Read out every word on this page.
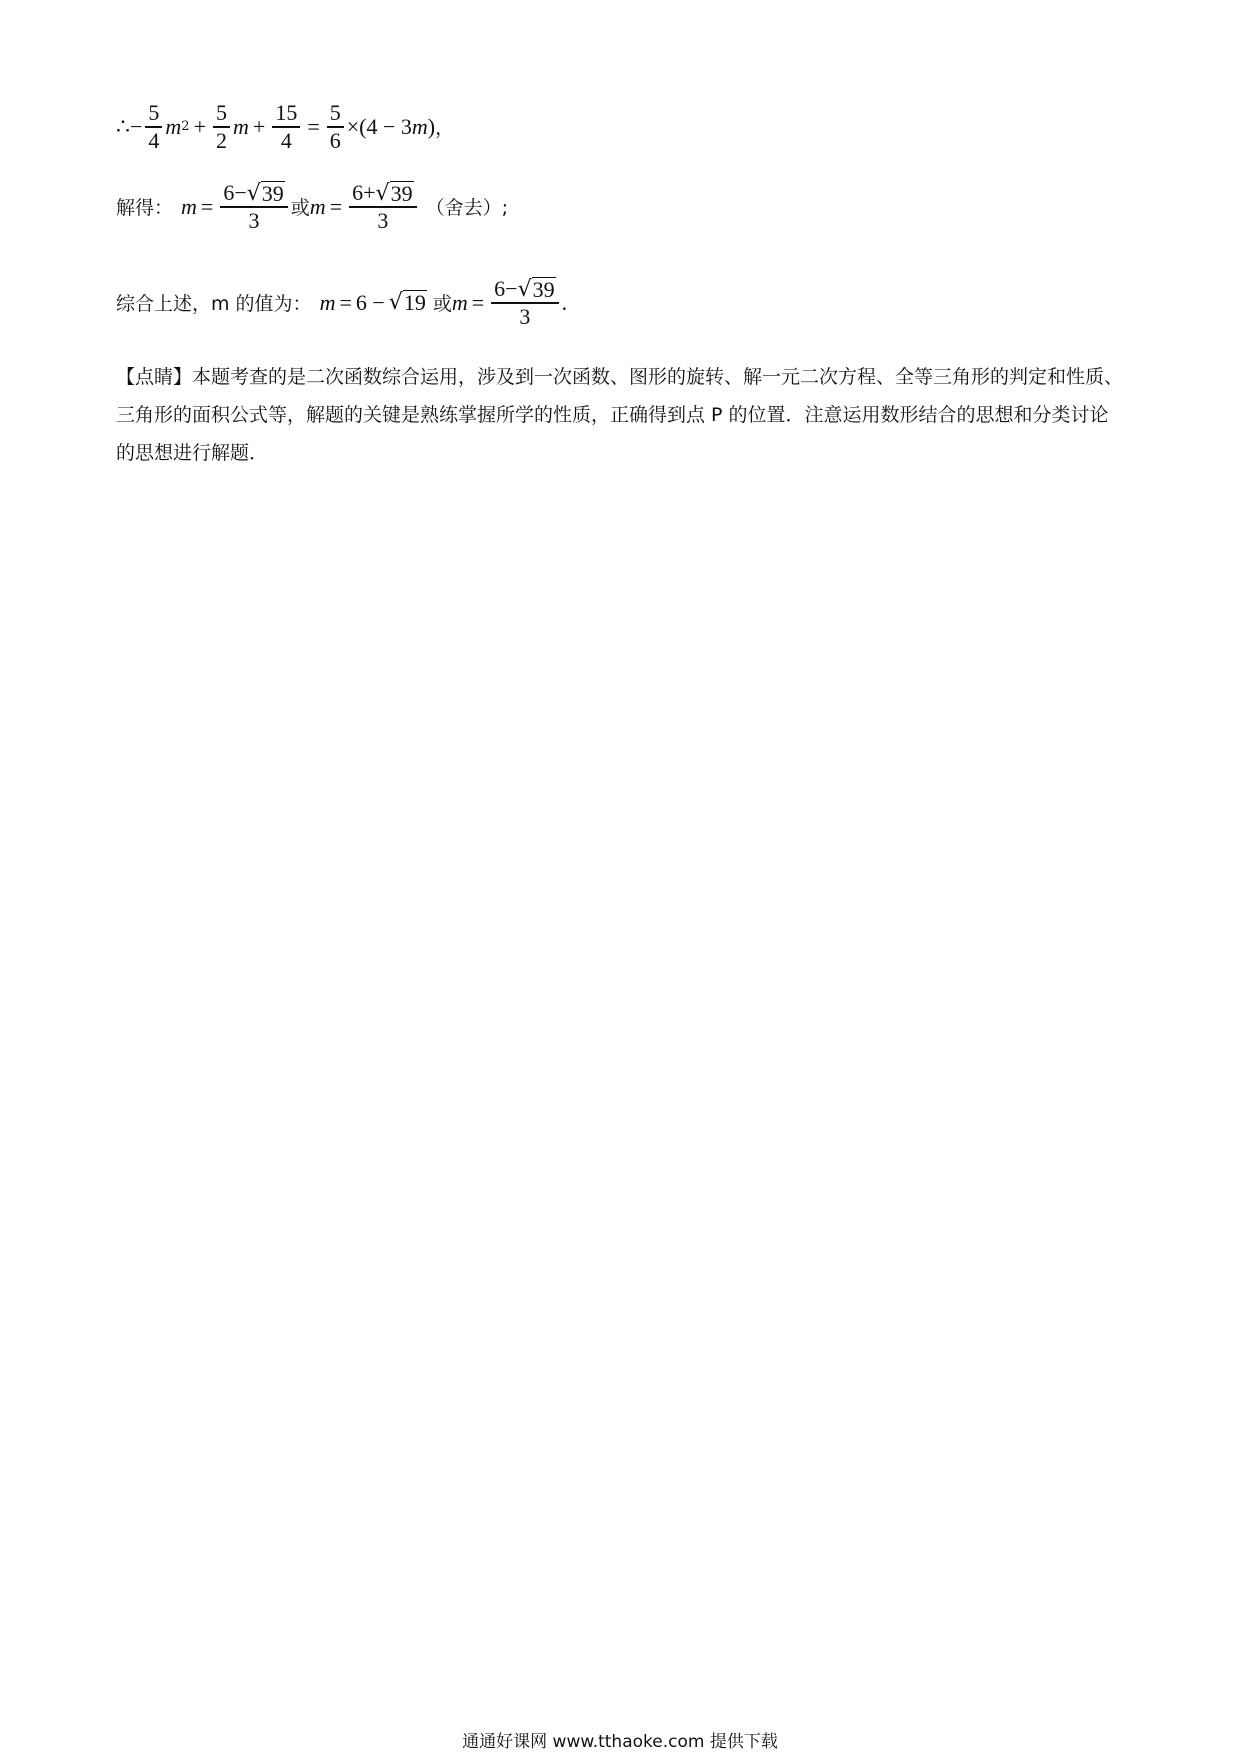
∴− $\frac{5}{4}$ m $2 + \frac{5}{2}$ $m + \frac{15}{4} = \frac{5}{6} \times(4 - 3$ m ) ，
解得： $m = \frac{6- √ 39}{3}$ 或 $m = \frac{6+ √ 39}{3}$ （舍去）;
综合上述，m 的值为： m = 6 − √ 19 或 $m = \frac{6- √ 39}{3}$ .
【点睛】本题考查的是二次函数综合运用，涉及到一次函数、图形的旋转、解一元二次方程、全等三角形的判定和性质、三角形的面积公式等，解题的关键是熟练掌握所学的性质，正确得到点 P 的位置．注意运用数形结合的思想和分类讨论的思想进行解题．
通通好课网 www.tthaoke.com 提供下载
